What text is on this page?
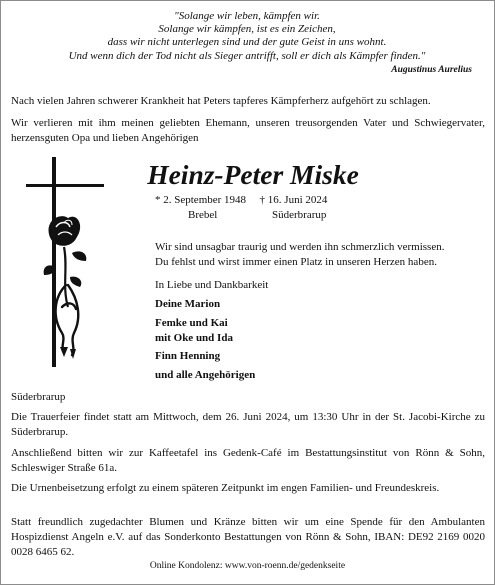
"Solange wir leben, kämpfen wir.
Solange wir kämpfen, ist es ein Zeichen,
dass wir nicht unterlegen sind und der gute Geist in uns wohnt.
Und wenn dich der Tod nicht als Sieger antrifft, soll er dich als Kämpfer finden."
Augustinus Aurelius
Nach vielen Jahren schwerer Krankheit hat Peters tapferes Kämpferherz aufgehört zu schlagen.
Wir verlieren mit ihm meinen geliebten Ehemann, unseren treusorgenden Vater und Schwiegervater, herzensguten Opa und lieben Angehörigen
Heinz-Peter Miske
* 2. September 1948 † 16. Juni 2024
Brebel	Süderbrarup
Wir sind unsagbar traurig und werden ihn schmerzlich vermissen.
Du fehlst und wirst immer einen Platz in unseren Herzen haben.
In Liebe und Dankbarkeit
Deine Marion
Femke und Kai
mit Oke und Ida
Finn Henning
und alle Angehörigen
Süderbrarup
Die Trauerfeier findet statt am Mittwoch, dem 26. Juni 2024, um 13:30 Uhr in der St. Jacobi-Kirche zu Süderbrarup.
Anschließend bitten wir zur Kaffeetafel ins Gedenk-Café im Bestattungsinstitut von Rönn & Sohn, Schleswiger Straße 61a.
Die Urnenbeisetzung erfolgt zu einem späteren Zeitpunkt im engen Familien- und Freundeskreis.
Statt freundlich zugedachter Blumen und Kränze bitten wir um eine Spende für den Ambulanten Hospizdienst Angeln e.V. auf das Sonderkonto Bestattungen von Rönn & Sohn, IBAN: DE92 2169 0020 0028 6465 62.
Online Kondolenz: www.von-roenn.de/gedenkseite
